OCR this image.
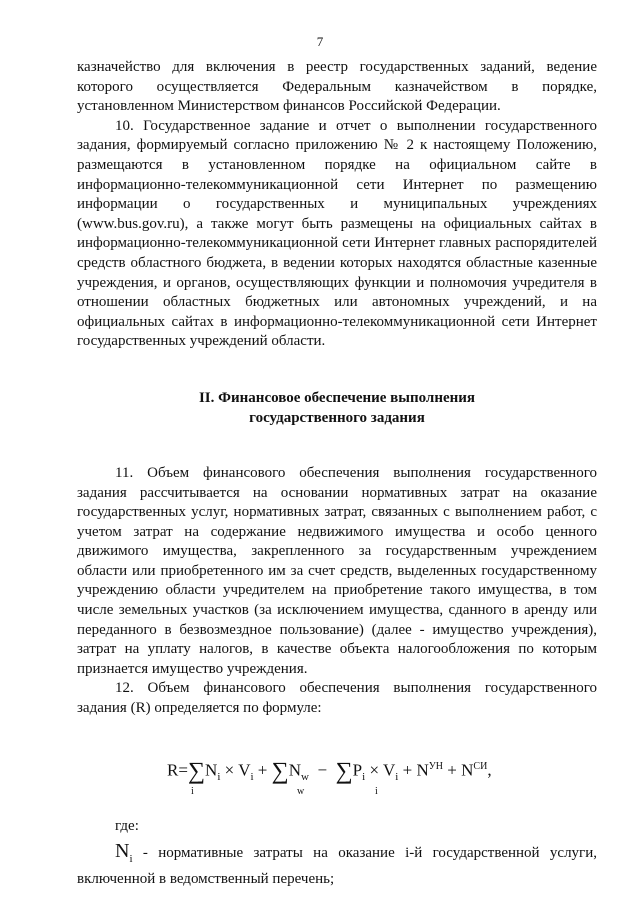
7

казначейство для включения в реестр государственных заданий, ведение которого осуществляется Федеральным казначейством в порядке, установленном Министерством финансов Российской Федерации.

10. Государственное задание и отчет о выполнении государственного задания, формируемый согласно приложению № 2 к настоящему Положению, размещаются в установленном порядке на официальном сайте в информационно-телекоммуникационной сети Интернет по размещению информации о государственных и муниципальных учреждениях (www.bus.gov.ru), а также могут быть размещены на официальных сайтах в информационно-телекоммуникационной сети Интернет главных распорядителей средств областного бюджета, в ведении которых находятся областные казенные учреждения, и органов, осуществляющих функции и полномочия учредителя в отношении областных бюджетных или автономных учреждений, и на официальных сайтах в информационно-телекоммуникационной сети Интернет государственных учреждений области.

II. Финансовое обеспечение выполнения
государственного задания

11. Объем финансового обеспечения выполнения государственного задания рассчитывается на основании нормативных затрат на оказание государственных услуг, нормативных затрат, связанных с выполнением работ, с учетом затрат на содержание недвижимого имущества и особо ценного движимого имущества, закрепленного за государственным учреждением области или приобретенного им за счет средств, выделенных государственному учреждению области учредителем на приобретение такого имущества, в том числе земельных участков (за исключением имущества, сданного в аренду или переданного в безвозмездное пользование) (далее - имущество учреждения), затрат на уплату налогов, в качестве объекта налогообложения по которым признается имущество учреждения.

12. Объем финансового обеспечения выполнения государственного задания (R) определяется по формуле:

$R=\sum N_i \times V_i + \sum N_w - \sum P_i \times V_i + N^{УН} + N^{СИ}$,
i	w	i
где:

$N_i$ - нормативные затраты на оказание i-й государственной услуги, включенной в ведомственный перечень;
